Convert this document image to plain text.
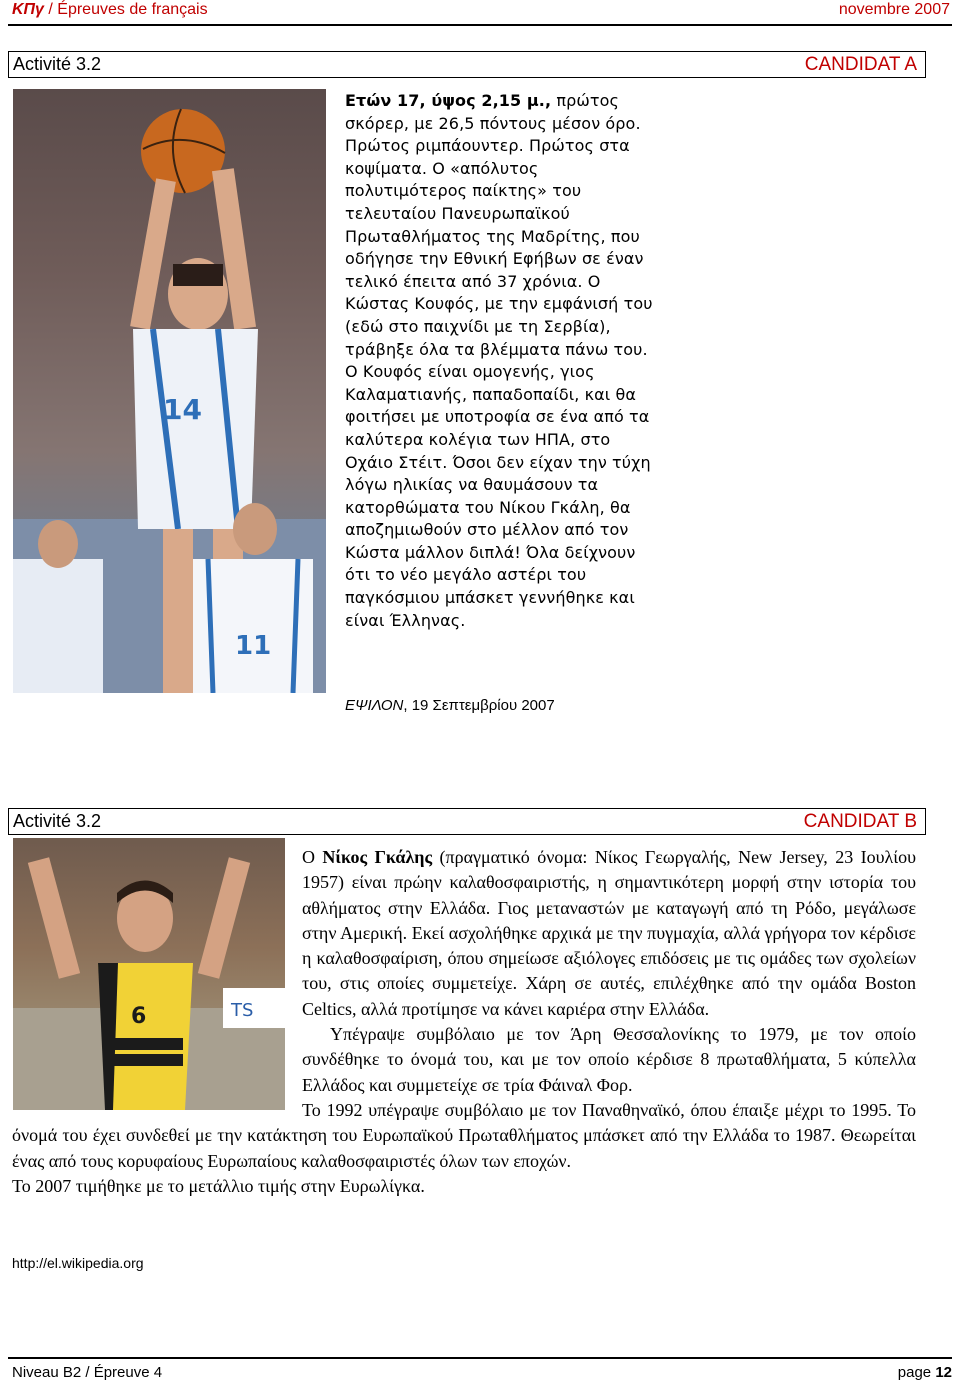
ΚΠγ / Épreuves de français	novembre 2007
Activité 3.2	CANDIDAT A
14
11
Ετών 17, ύψος 2,15 μ., πρώτος σκόρερ, με 26,5 πόντους μέσον όρο. Πρώτος ριμπάουντερ. Πρώτος στα κοψίματα. Ο «απόλυτος πολυτιμότερος παίκτης» του τελευταίου Πανευρωπαϊκού Πρωταθλήματος της Μαδρίτης, που οδήγησε την Εθνική Εφήβων σε έναν τελικό έπειτα από 37 χρόνια. Ο Κώστας Κουφός, με την εμφάνισή του (εδώ στο παιχνίδι με τη Σερβία), τράβηξε όλα τα βλέμματα πάνω του. Ο Κουφός είναι ομογενής, γιος Καλαματιανής, παπαδοπαίδι, και θα φοιτήσει με υποτροφία σε ένα από τα καλύτερα κολέγια των ΗΠΑ, στο Οχάιο Στέιτ. Όσοι δεν είχαν την τύχη λόγω ηλικίας να θαυμάσουν τα κατορθώματα του Νίκου Γκάλη, θα αποζημιωθούν στο μέλλον από τον Κώστα μάλλον διπλά! Όλα δείχνουν ότι το νέο μεγάλο αστέρι του παγκόσμιου μπάσκετ γεννήθηκε και είναι Έλληνας.
ΕΨΙΛΟΝ, 19 Σεπτεμβρίου 2007
Activité 3.2	CANDIDAT B
6	TS

Ο Νίκος Γκάλης (πραγματικό όνομα: Νίκος Γεωργαλής, New Jersey, 23 Ιουλίου 1957) είναι πρώην καλαθοσφαιριστής, η σημαντικότερη μορφή στην ιστορία του αθλήματος στην Ελλάδα. Γιος μεταναστών με καταγωγή από τη Ρόδο, μεγάλωσε στην Αμερική. Εκεί ασχολήθηκε αρχικά με την πυγμαχία, αλλά γρήγορα τον κέρδισε η καλαθοσφαίριση, όπου σημείωσε αξιόλογες επιδόσεις με τις ομάδες των σχολείων του, στις οποίες συμμετείχε. Χάρη σε αυτές, επιλέχθηκε από την ομάδα Boston Celtics, αλλά προτίμησε να κάνει καριέρα στην Ελλάδα.

Υπέγραψε συμβόλαιο με τον Άρη Θεσσαλονίκης το 1979, με τον οποίο συνδέθηκε το όνομά του, και με τον οποίο κέρδισε 8 πρωταθλήματα, 5 κύπελλα Ελλάδος και συμμετείχε σε τρία Φάιναλ Φορ.

Το 1992 υπέγραψε συμβόλαιο με τον Παναθηναϊκό, όπου έπαιξε μέχρι το 1995. Το όνομά του έχει συνδεθεί με την κατάκτηση του Ευρωπαϊκού Πρωταθλήματος μπάσκετ από την Ελλάδα το 1987. Θεωρείται ένας από τους κορυφαίους Ευρωπαίους καλαθοσφαιριστές όλων των εποχών.

Το 2007 τιμήθηκε με το μετάλλιο τιμής στην Ευρωλίγκα.

http://el.wikipedia.org
Niveau B2 / Épreuve 4	page 12
